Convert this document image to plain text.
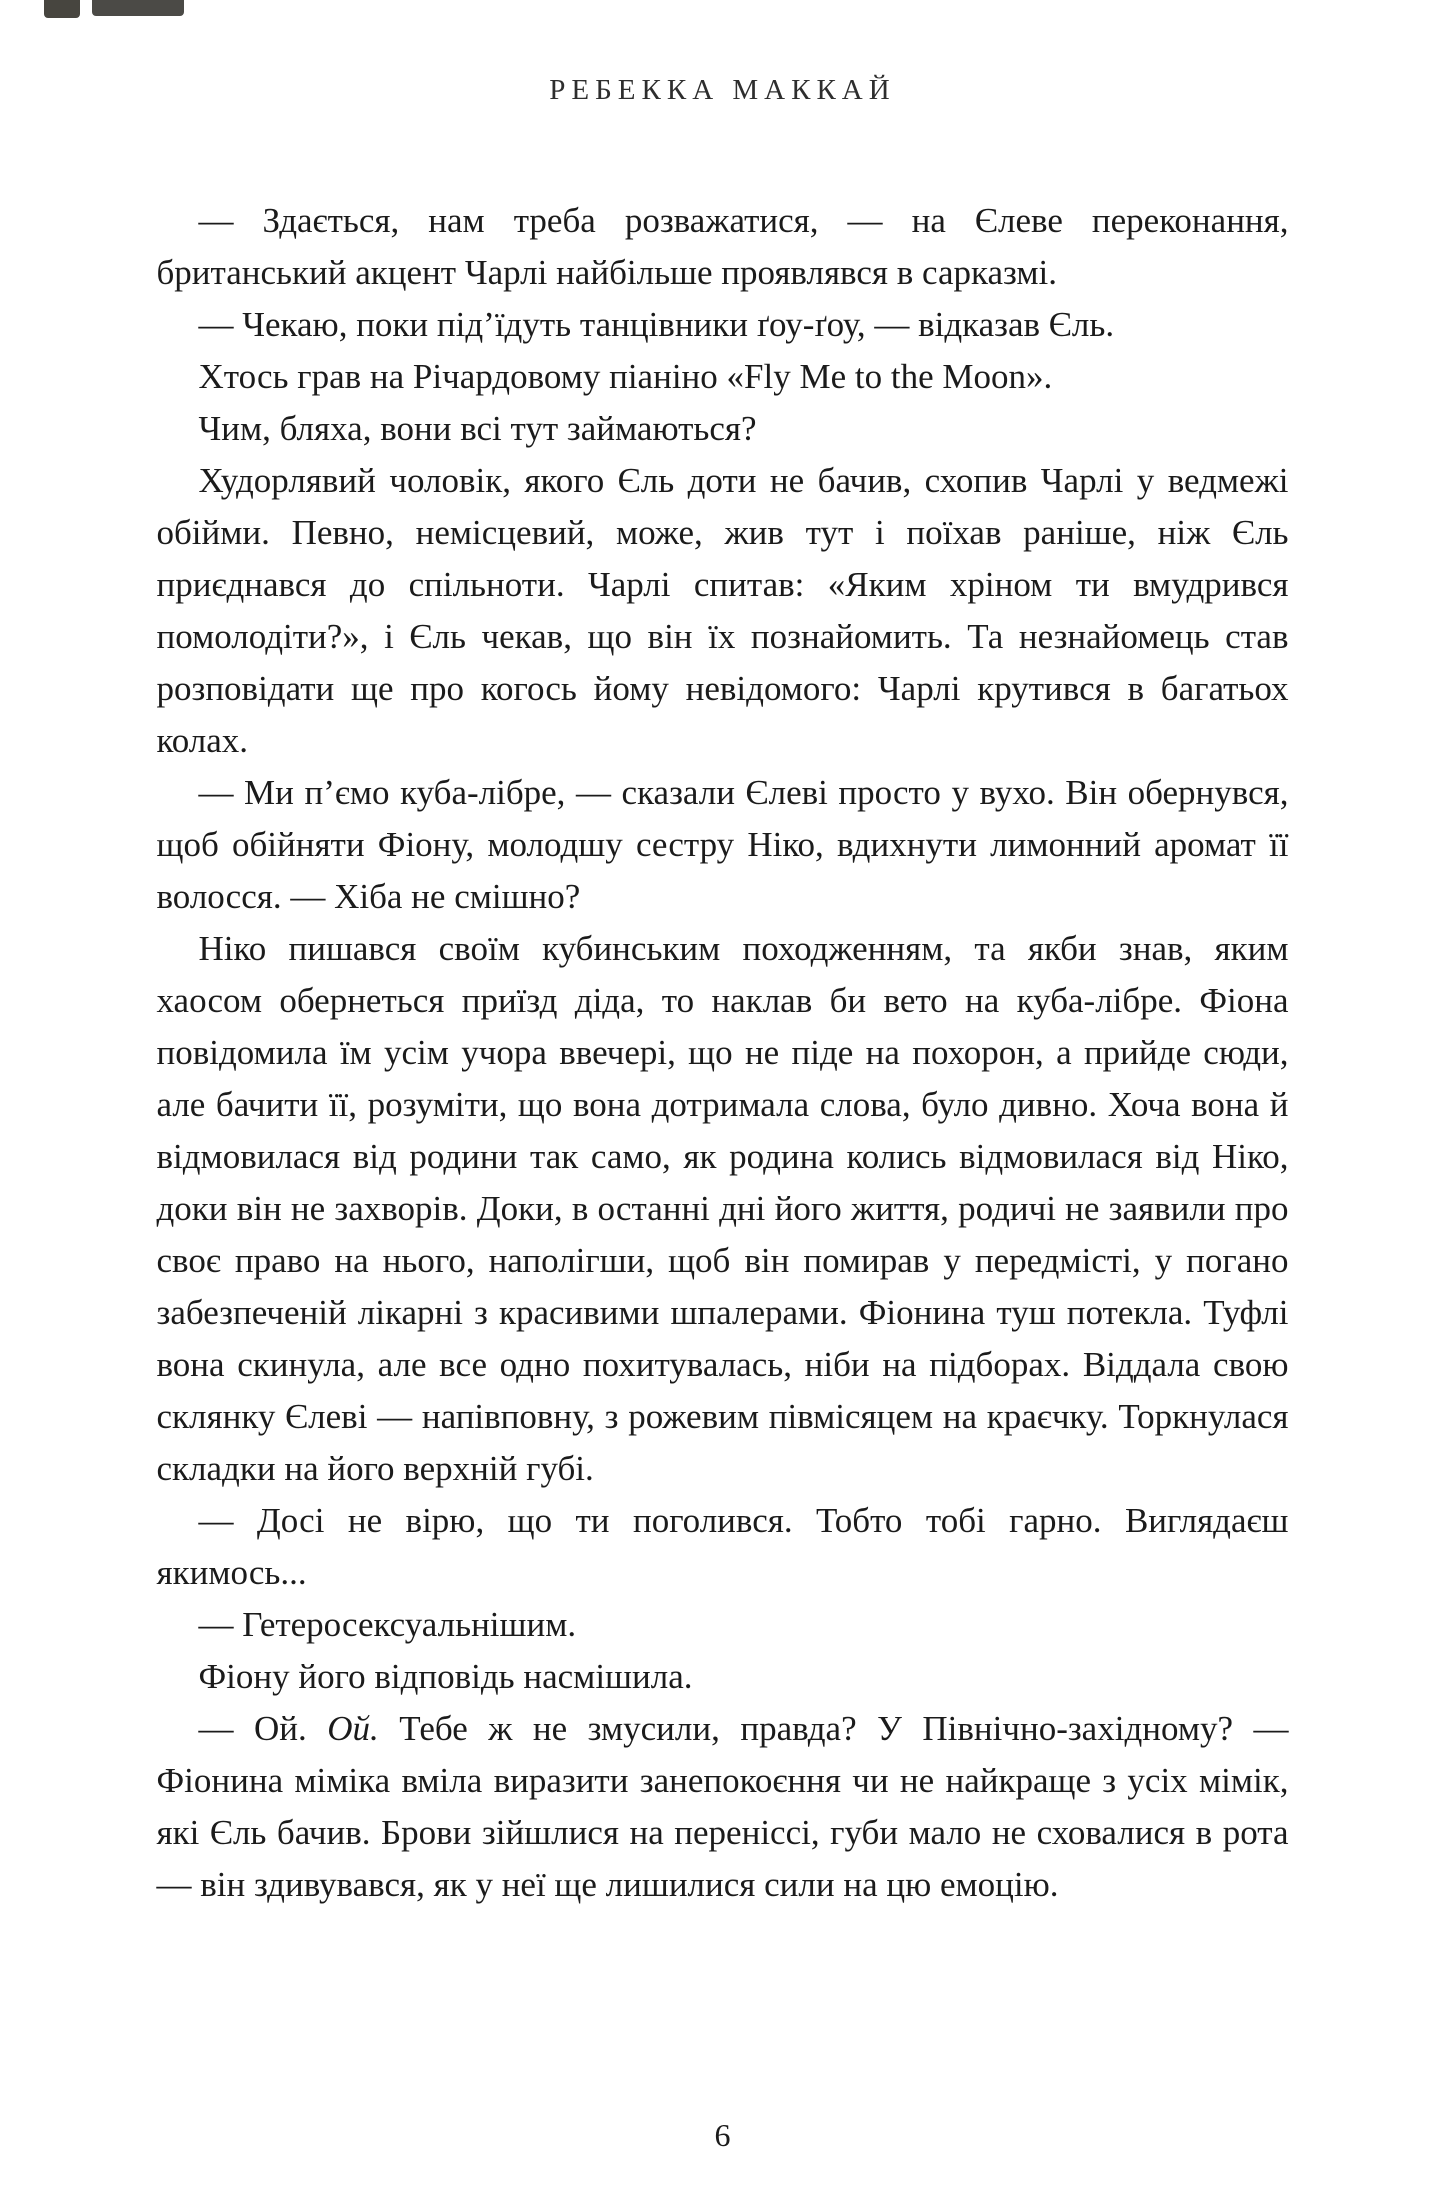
РЕБЕККА МАККАЙ

— Здається, нам треба розважатися, — на Єлеве переконання, британський акцент Чарлі найбільше проявлявся в сарказмі.

— Чекаю, поки під’їдуть танцівники ґоу-ґоу, — відказав Єль.

Хтось грав на Річардовому піаніно «Fly Me to the Moon».

Чим, бляха, вони всі тут займаються?

Худорлявий чоловік, якого Єль доти не бачив, схопив Чарлі у ведмежі обійми. Певно, немісцевий, може, жив тут і поїхав раніше, ніж Єль приєднався до спільноти. Чарлі спитав: «Яким хріном ти вмудрився помолодіти?», і Єль чекав, що він їх познайомить. Та незнайомець став розповідати ще про когось йому невідомого: Чарлі крутився в багатьох колах.

— Ми п’ємо куба-лібре, — сказали Єлеві просто у вухо. Він обернувся, щоб обійняти Фіону, молодшу сестру Ніко, вдихнути лимонний аромат її волосся. — Хіба не смішно?

Ніко пишався своїм кубинським походженням, та якби знав, яким хаосом обернеться приїзд діда, то наклав би вето на куба-лібре. Фіона повідомила їм усім учора ввечері, що не піде на похорон, а прийде сюди, але бачити її, розуміти, що вона дотримала слова, було дивно. Хоча вона й відмовилася від родини так само, як родина колись відмовилася від Ніко, доки він не захворів. Доки, в останні дні його життя, родичі не заявили про своє право на нього, наполігши, щоб він помирав у передмісті, у погано забезпеченій лікарні з красивими шпалерами. Фіонина туш потекла. Туфлі вона скинула, але все одно похитувалась, ніби на підборах. Віддала свою склянку Єлеві — напівповну, з рожевим півмісяцем на краєчку. Торкнулася складки на його верхній губі.

— Досі не вірю, що ти поголився. Тобто тобі гарно. Виглядаєш якимось...

— Гетеросексуальнішим.

Фіону його відповідь насмішила.

— Ой. Ой. Тебе ж не змусили, правда? У Північно-західному? — Фіонина міміка вміла виразити занепокоєння чи не найкраще з усіх мімік, які Єль бачив. Брови зійшлися на переніссі, губи мало не сховалися в рота — він здивувався, як у неї ще лишилися сили на цю емоцію.

6
